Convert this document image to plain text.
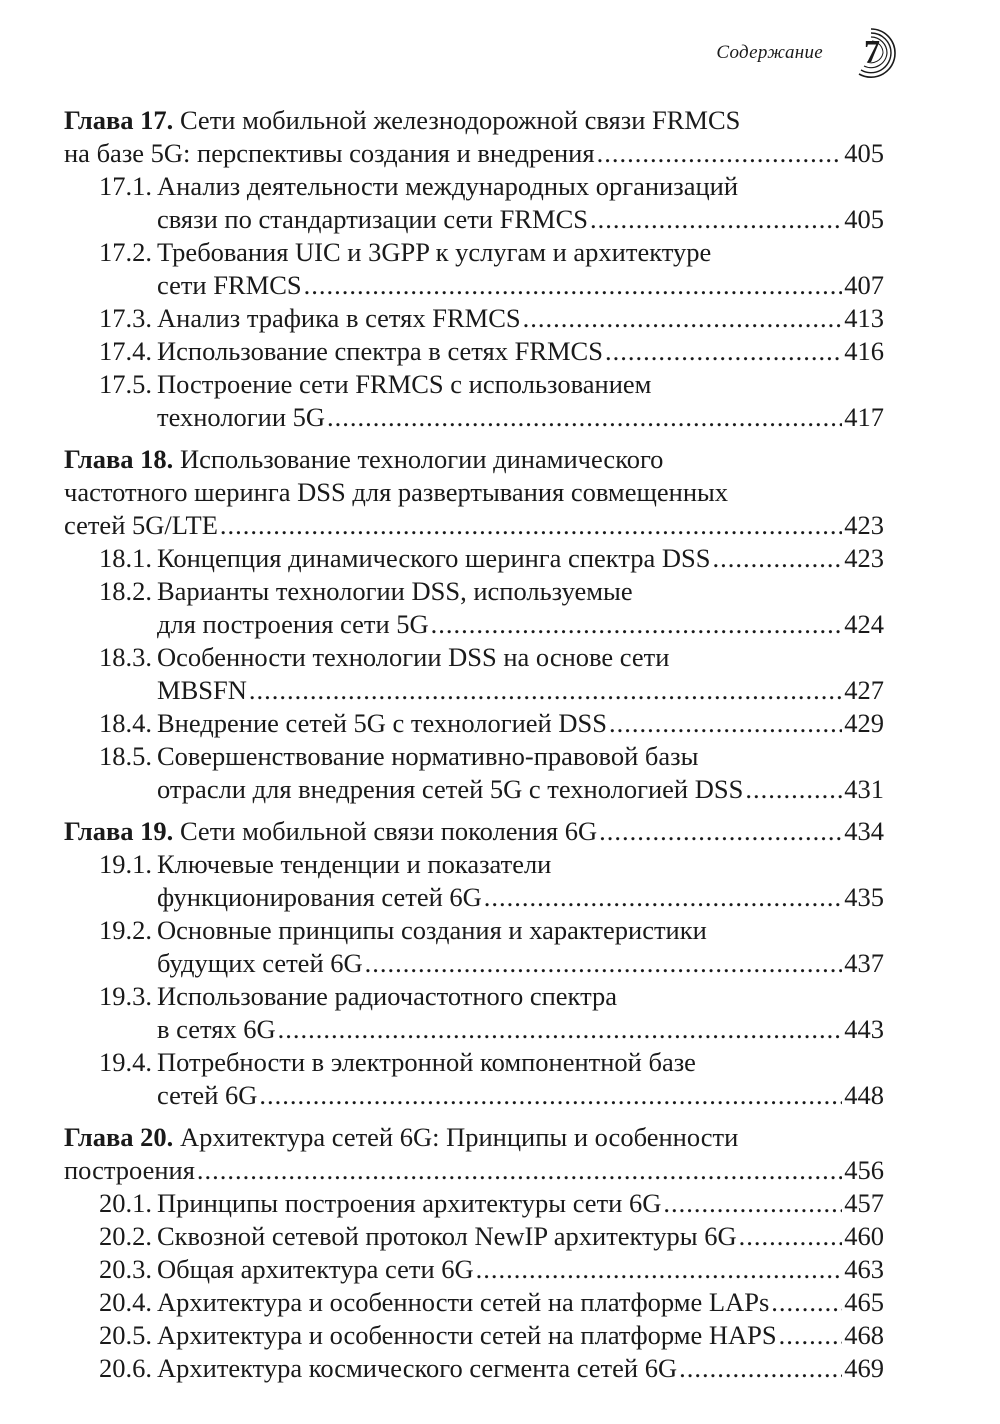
Содержание 7
Глава 17. Сети мобильной железнодорожной связи FRMCS
на базе 5G: перспективы создания и внедрения .....	405
17.1. Анализ деятельности международных организаций
связи по стандартизации сети FRMCS .....	405
17.2. Требования UIC и 3GPP к услугам и архитектуре
сети FRMCS .....	407
17.3. Анализ трафика в сетях FRMCS .....	413
17.4. Использование спектра в сетях FRMCS .....	416
17.5. Построение сети FRMCS с использованием
технологии 5G .....	417
Глава 18. Использование технологии динамического
частотного шеринга DSS для развертывания совмещенных
сетей 5G/LTE .....	423
18.1. Концепция динамического шеринга спектра DSS .....	423
18.2. Варианты технологии DSS, используемые
для построения сети 5G .....	424
18.3. Особенности технологии DSS на основе сети
MBSFN .....	427
18.4. Внедрение сетей 5G с технологией DSS .....	429
18.5. Совершенствование нормативно-правовой базы
отрасли для внедрения сетей 5G с технологией DSS .....	431
Глава 19. Сети мобильной связи поколения 6G .....	434
19.1. Ключевые тенденции и показатели
функционирования сетей 6G .....	435
19.2. Основные принципы создания и характеристики
будущих сетей 6G .....	437
19.3. Использование радиочастотного спектра
в сетях 6G .....	443
19.4. Потребности в электронной компонентной базе
сетей 6G .....	448
Глава 20. Архитектура сетей 6G: Принципы и особенности
построения .....	456
20.1. Принципы построения архитектуры сети 6G .....	457
20.2. Сквозной сетевой протокол NewIP архитектуры 6G .....	460
20.3. Общая архитектура сети 6G .....	463
20.4. Архитектура и особенности сетей на платформе LAPs .....	465
20.5. Архитектура и особенности сетей на платформе HAPS .....	468
20.6. Архитектура космического сегмента сетей 6G .....	469
